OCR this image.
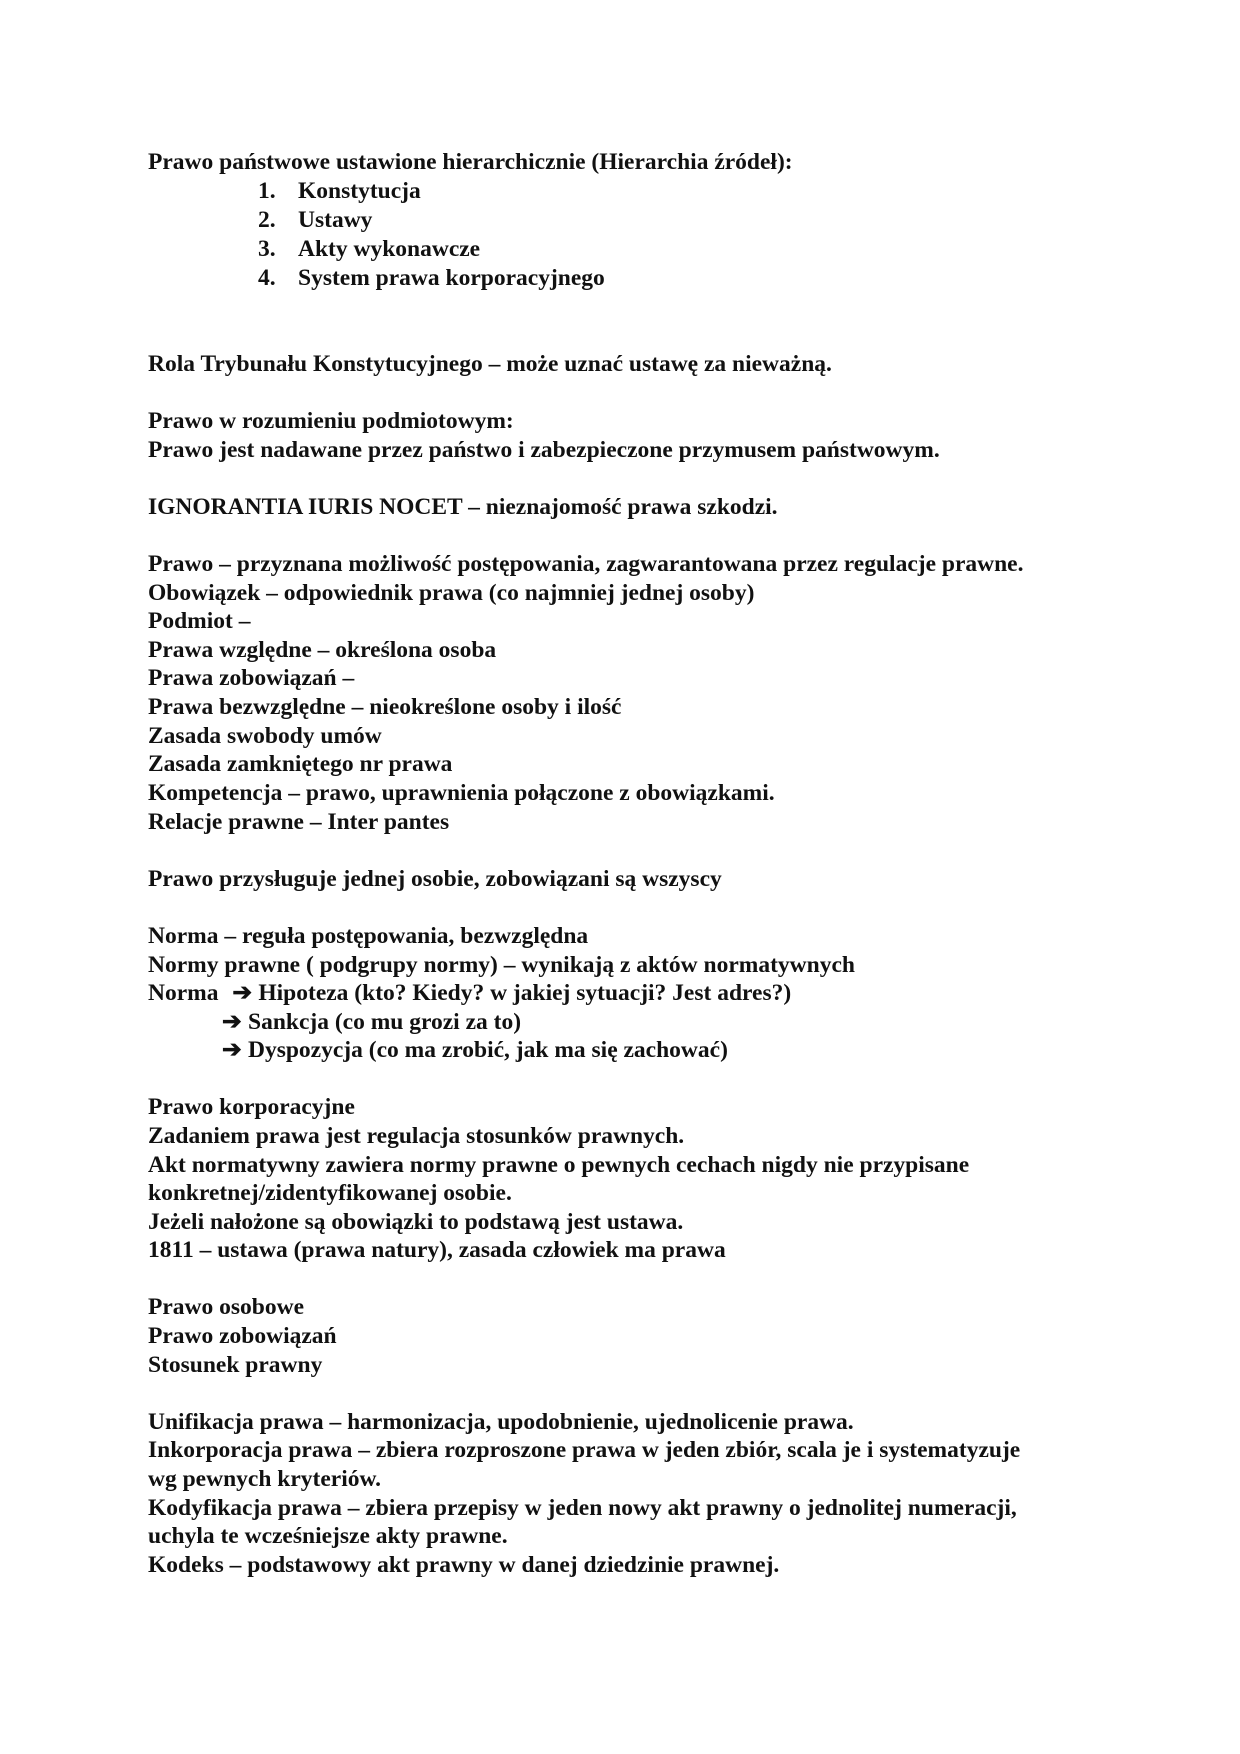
Prawo państwowe ustawione hierarchicznie (Hierarchia źródeł):
1. Konstytucja
2. Ustawy
3. Akty wykonawcze
4. System prawa korporacyjnego
Rola Trybunału Konstytucyjnego – może uznać ustawę za nieważną.
Prawo w rozumieniu podmiotowym:
Prawo jest nadawane przez państwo i zabezpieczone przymusem państwowym.
IGNORANTIA IURIS NOCET – nieznajomość prawa szkodzi.
Prawo – przyznana możliwość postępowania, zagwarantowana przez regulacje prawne.
Obowiązek – odpowiednik prawa (co najmniej jednej osoby)
Podmiot –
Prawa względne – określona osoba
Prawa zobowiązań –
Prawa bezwzględne – nieokreślone osoby i ilość
Zasada swobody umów
Zasada zamkniętego nr prawa
Kompetencja – prawo, uprawnienia połączone z obowiązkami.
Relacje prawne – Inter pantes
Prawo przysługuje jednej osobie, zobowiązani są wszyscy
Norma – reguła postępowania, bezwzględna
Normy prawne ( podgrupy normy) – wynikają z aktów normatywnych
Norma ➔ Hipoteza (kto? Kiedy? w jakiej sytuacji? Jest adres?)
➔ Sankcja (co mu grozi za to)
➔ Dyspozycja (co ma zrobić, jak ma się zachować)
Prawo korporacyjne
Zadaniem prawa jest regulacja stosunków prawnych.
Akt normatywny zawiera normy prawne o pewnych cechach nigdy nie przypisane
konkretnej/zidentyfikowanej osobie.
Jeżeli nałożone są obowiązki to podstawą jest ustawa.
1811 – ustawa (prawa natury), zasada człowiek ma prawa
Prawo osobowe
Prawo zobowiązań
Stosunek prawny
Unifikacja prawa – harmonizacja, upodobnienie, ujednolicenie prawa.
Inkorporacja prawa – zbiera rozproszone prawa w jeden zbiór, scala je i systematyzuje
wg pewnych kryteriów.
Kodyfikacja prawa – zbiera przepisy w jeden nowy akt prawny o jednolitej numeracji,
uchyla te wcześniejsze akty prawne.
Kodeks – podstawowy akt prawny w danej dziedzinie prawnej.
